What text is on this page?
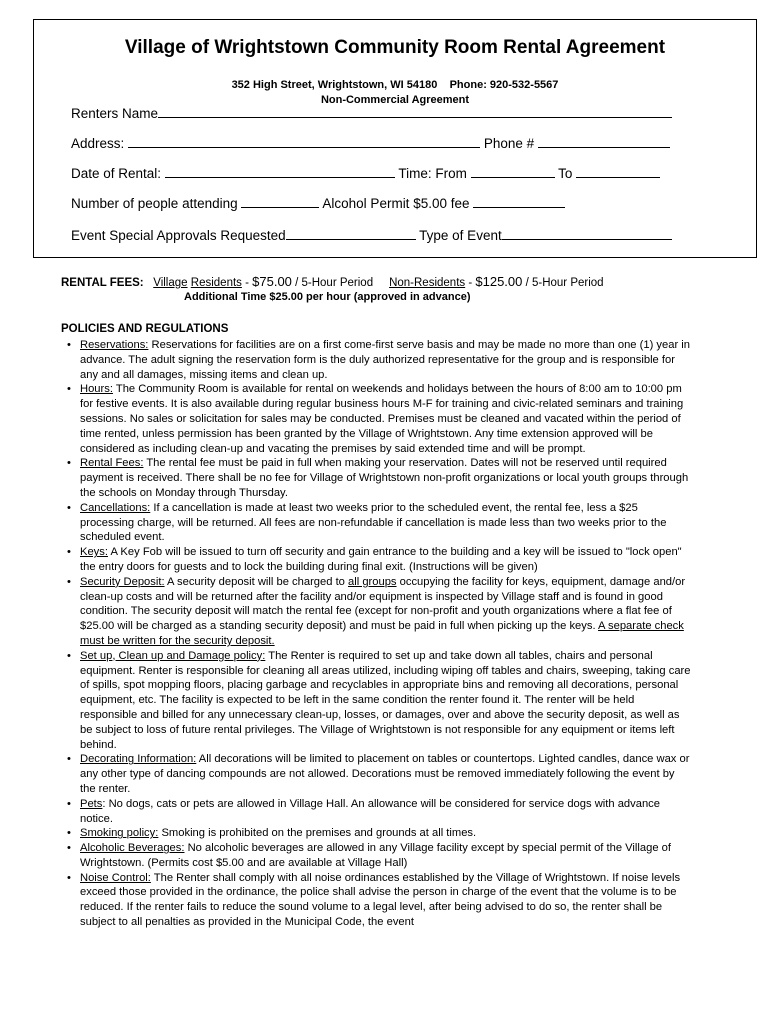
Village of Wrightstown Community Room Rental Agreement
352 High Street, Wrightstown, WI 54180    Phone: 920-532-5567
Non-Commercial Agreement
Renters Name
Address:	Phone #
Date of Rental:	Time: From	To
Number of people attending	Alcohol Permit $5.00 fee
Event Special Approvals Requested	Type of Event
RENTAL FEES: Village Residents - $75.00 / 5-Hour Period Non-Residents - $125.00 / 5-Hour Period
Additional Time $25.00 per hour (approved in advance)
POLICIES AND REGULATIONS
• Reservations: Reservations for facilities are on a first come-first serve basis and may be made no more than one (1) year in advance. The adult signing the reservation form is the duly authorized representative for the group and is responsible for any and all damages, missing items and clean up.
• Hours: The Community Room is available for rental on weekends and holidays between the hours of 8:00 am to 10:00 pm for festive events. It is also available during regular business hours M-F for training and civic-related seminars and training sessions. No sales or solicitation for sales may be conducted. Premises must be cleaned and vacated within the period of time rented, unless permission has been granted by the Village of Wrightstown. Any time extension approved will be considered as including clean-up and vacating the premises by said extended time and will be prompt.
• Rental Fees: The rental fee must be paid in full when making your reservation. Dates will not be reserved until required payment is received. There shall be no fee for Village of Wrightstown non-profit organizations or local youth groups through the schools on Monday through Thursday.
• Cancellations: If a cancellation is made at least two weeks prior to the scheduled event, the rental fee, less a $25 processing charge, will be returned. All fees are non-refundable if cancellation is made less than two weeks prior to the scheduled event.
• Keys: A Key Fob will be issued to turn off security and gain entrance to the building and a key will be issued to "lock open" the entry doors for guests and to lock the building during final exit. (Instructions will be given)
• Security Deposit: A security deposit will be charged to all groups occupying the facility for keys, equipment, damage and/or clean-up costs and will be returned after the facility and/or equipment is inspected by Village staff and is found in good condition. The security deposit will match the rental fee (except for non-profit and youth organizations where a flat fee of $25.00 will be charged as a standing security deposit) and must be paid in full when picking up the keys. A separate check must be written for the security deposit.
• Set up, Clean up and Damage policy: The Renter is required to set up and take down all tables, chairs and personal equipment. Renter is responsible for cleaning all areas utilized, including wiping off tables and chairs, sweeping, taking care of spills, spot mopping floors, placing garbage and recyclables in appropriate bins and removing all decorations, personal equipment, etc. The facility is expected to be left in the same condition the renter found it. The renter will be held responsible and billed for any unnecessary clean-up, losses, or damages, over and above the security deposit, as well as be subject to loss of future rental privileges. The Village of Wrightstown is not responsible for any equipment or items left behind.
• Decorating Information: All decorations will be limited to placement on tables or countertops. Lighted candles, dance wax or any other type of dancing compounds are not allowed. Decorations must be removed immediately following the event by the renter.
• Pets: No dogs, cats or pets are allowed in Village Hall. An allowance will be considered for service dogs with advance notice.
• Smoking policy: Smoking is prohibited on the premises and grounds at all times.
• Alcoholic Beverages: No alcoholic beverages are allowed in any Village facility except by special permit of the Village of Wrightstown. (Permits cost $5.00 and are available at Village Hall)
• Noise Control: The Renter shall comply with all noise ordinances established by the Village of Wrightstown. If noise levels exceed those provided in the ordinance, the police shall advise the person in charge of the event that the volume is to be reduced. If the renter fails to reduce the sound volume to a legal level, after being advised to do so, the renter shall be subject to all penalties as provided in the Municipal Code, the event
